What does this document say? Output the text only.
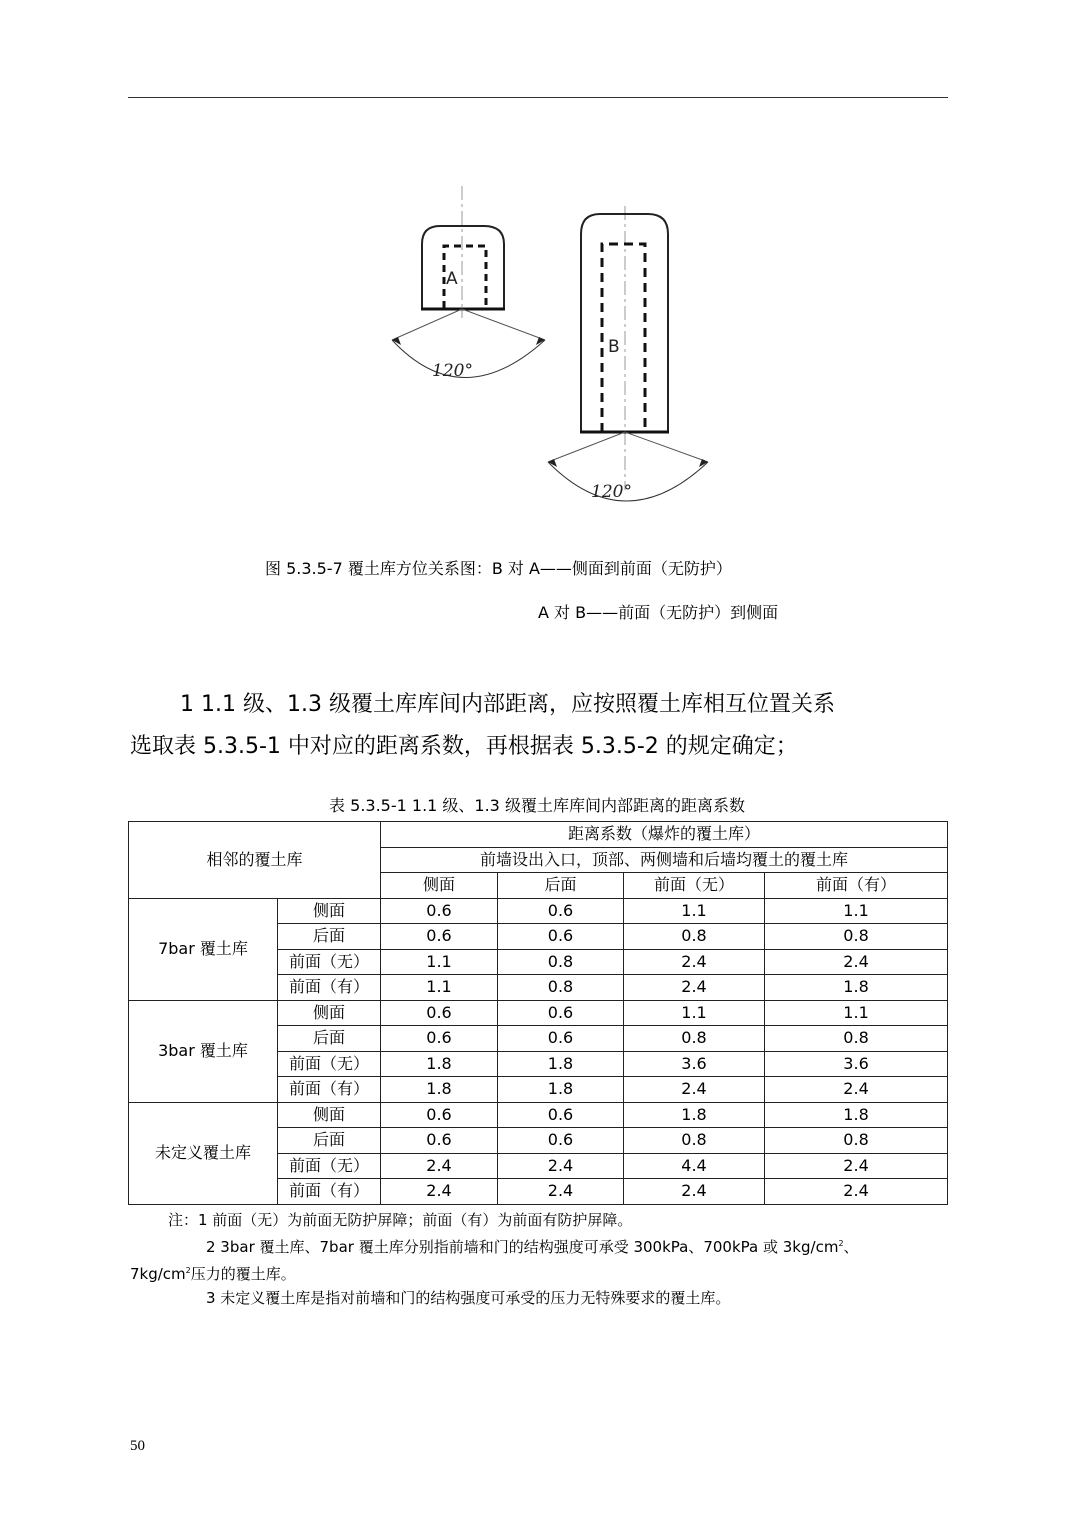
A
120°
B
120°
图 5.3.5-7 覆土库方位关系图：B 对 A——侧面到前面（无防护）
A 对 B——前面（无防护）到侧面
1 1.1 级、1.3 级覆土库库间内部距离，应按照覆土库相互位置关系
选取表 5.3.5-1 中对应的距离系数，再根据表 5.3.5-2 的规定确定；
表 5.3.5-1 1.1 级、1.3 级覆土库库间内部距离的距离系数
相邻的覆土库		距离系数（爆炸的覆土库）			
		前墙设出入口，顶部、两侧墙和后墙均覆土的覆土库			
		侧面	后面	前面（无）	前面（有）
7bar 覆土库	侧面	0.6	0.6	1.1	1.1
	后面	0.6	0.6	0.8	0.8
	前面（无）	1.1	0.8	2.4	2.4
	前面（有）	1.1	0.8	2.4	1.8
3bar 覆土库	侧面	0.6	0.6	1.1	1.1
	后面	0.6	0.6	0.8	0.8
	前面（无）	1.8	1.8	3.6	3.6
	前面（有）	1.8	1.8	2.4	2.4
未定义覆土库	侧面	0.6	0.6	1.8	1.8
	后面	0.6	0.6	0.8	0.8
	前面（无）	2.4	2.4	4.4	2.4
	前面（有）	2.4	2.4	2.4	2.4
注：1 前面（无）为前面无防护屏障；前面（有）为前面有防护屏障。
2 3bar 覆土库、7bar 覆土库分别指前墙和门的结构强度可承受 300kPa、700kPa 或 $3kg/cm^2$、
$7kg/cm^2$压力的覆土库。
3 未定义覆土库是指对前墙和门的结构强度可承受的压力无特殊要求的覆土库。
50
